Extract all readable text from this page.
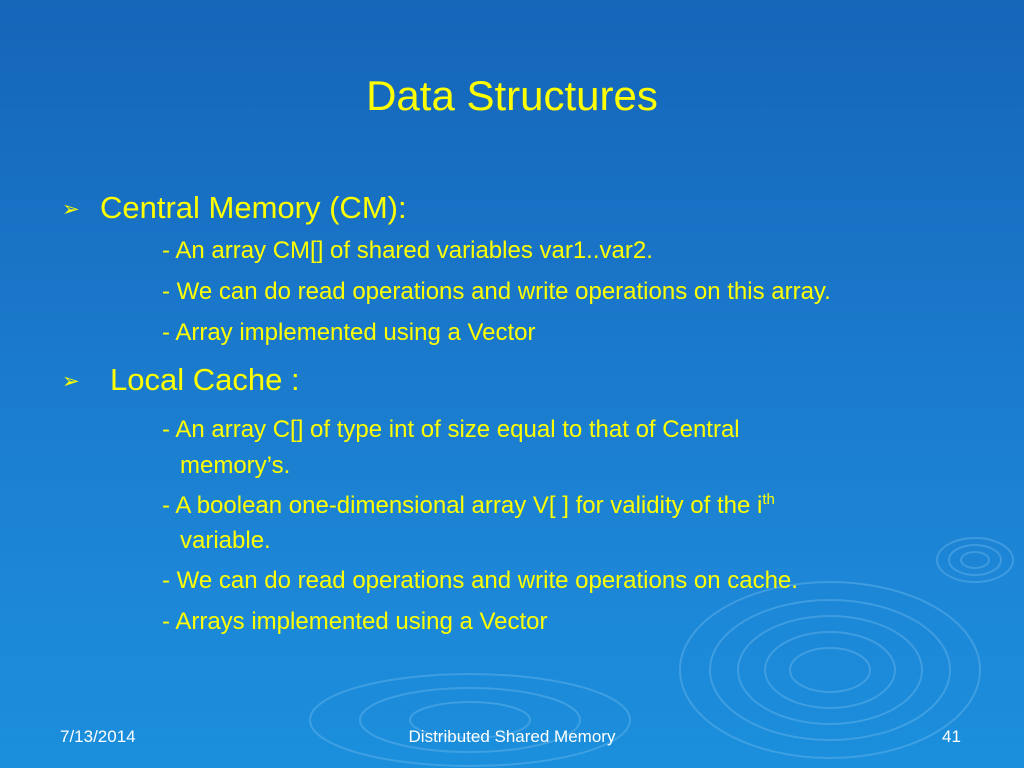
Data Structures
➢ Central Memory (CM):
- An array CM[] of shared variables var1..var2.
- We can do read operations and write operations on this array.
- Array implemented using a Vector
➢ Local Cache :
- An array C[] of type int of size equal to that of Central
memory’s.
- A boolean one-dimensional array V[ ] for validity of the $i^{th}$
variable.
- We can do read operations and write operations on cache.
- Arrays implemented using a Vector
7/13/2014	Distributed Shared Memory	41
